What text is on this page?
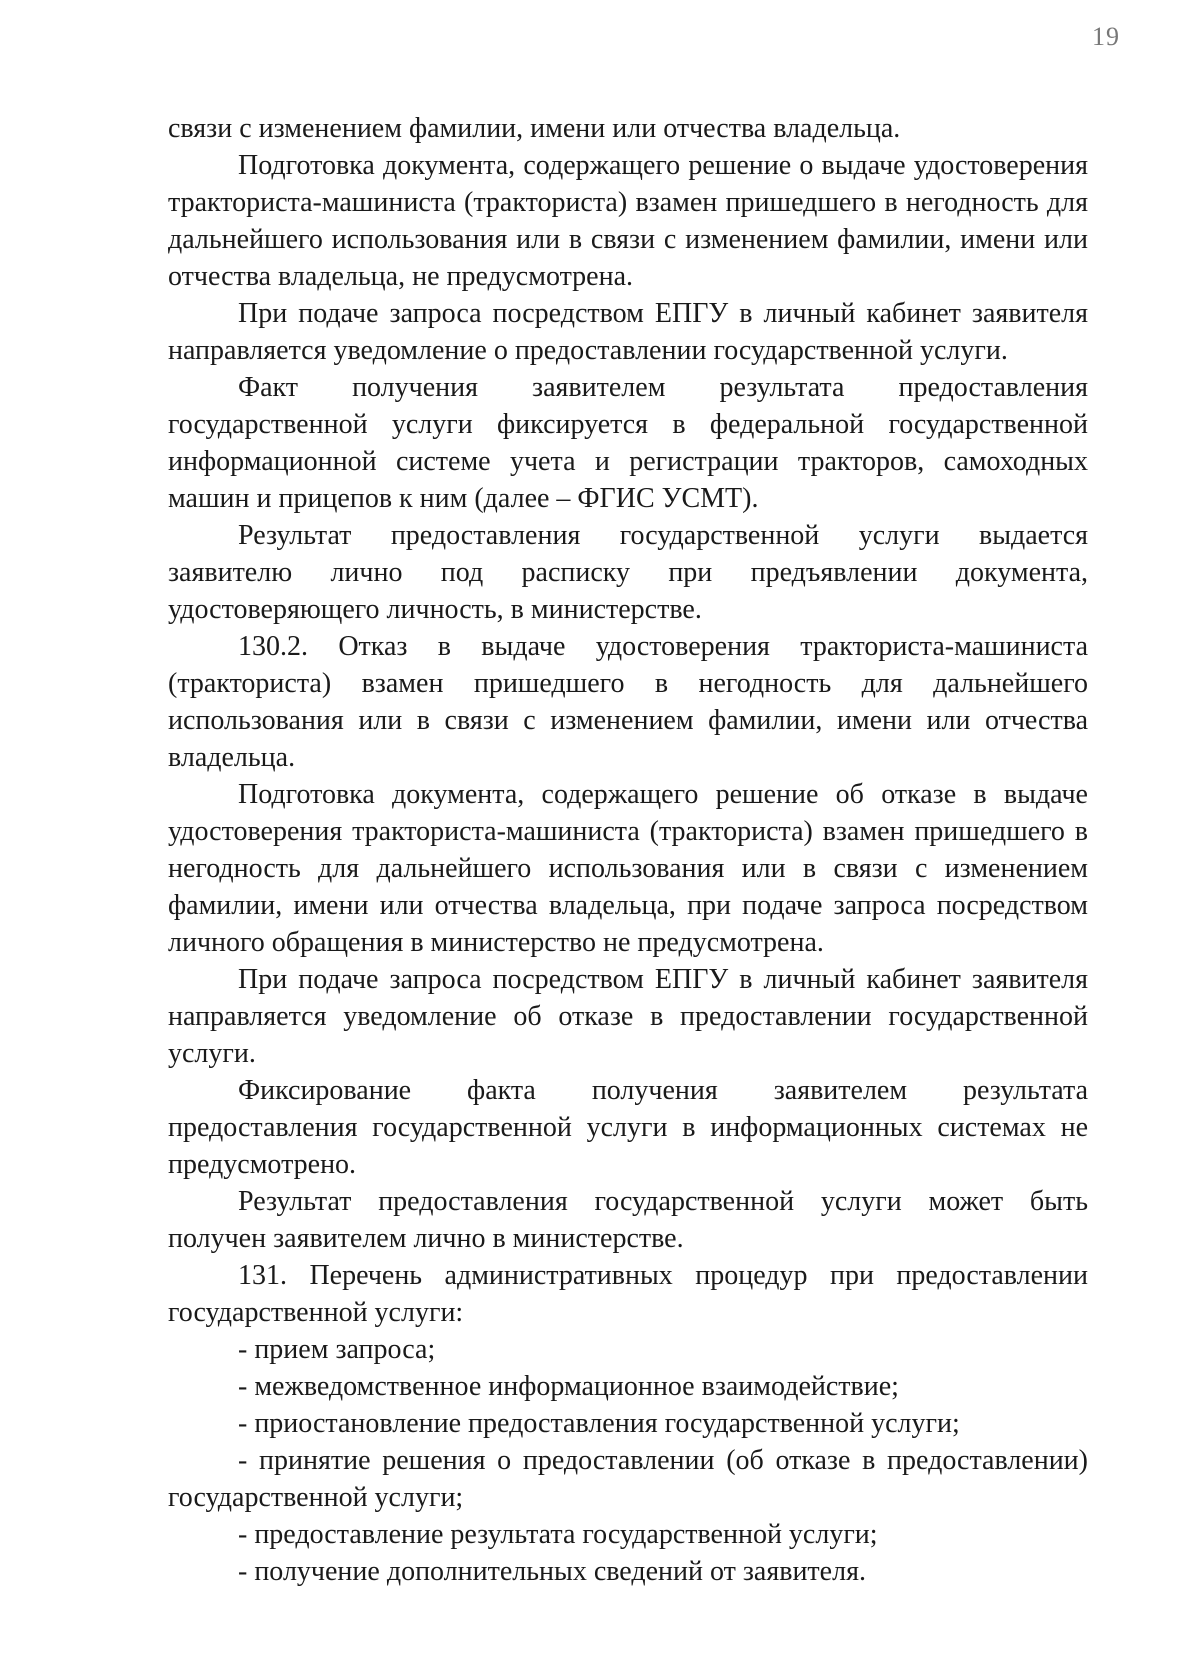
19

связи с изменением фамилии, имени или отчества владельца.

Подготовка документа, содержащего решение о выдаче удостоверения тракториста-машиниста (тракториста) взамен пришедшего в негодность для дальнейшего использования или в связи с изменением фамилии, имени или отчества владельца, не предусмотрена.

При подаче запроса посредством ЕПГУ в личный кабинет заявителя направляется уведомление о предоставлении государственной услуги.

Факт получения заявителем результата предоставления государственной услуги фиксируется в федеральной государственной информационной системе учета и регистрации тракторов, самоходных машин и прицепов к ним (далее – ФГИС УСМТ).

Результат предоставления государственной услуги выдается заявителю лично под расписку при предъявлении документа, удостоверяющего личность, в министерстве.

130.2. Отказ в выдаче удостоверения тракториста-машиниста (тракториста) взамен пришедшего в негодность для дальнейшего использования или в связи с изменением фамилии, имени или отчества владельца.

Подготовка документа, содержащего решение об отказе в выдаче удостоверения тракториста-машиниста (тракториста) взамен пришедшего в негодность для дальнейшего использования или в связи с изменением фамилии, имени или отчества владельца, при подаче запроса посредством личного обращения в министерство не предусмотрена.

При подаче запроса посредством ЕПГУ в личный кабинет заявителя направляется уведомление об отказе в предоставлении государственной услуги.

Фиксирование факта получения заявителем результата предоставления государственной услуги в информационных системах не предусмотрено.

Результат предоставления государственной услуги может быть получен заявителем лично в министерстве.

131. Перечень административных процедур при предоставлении государственной услуги:

- прием запроса;

- межведомственное информационное взаимодействие;

- приостановление предоставления государственной услуги;

- принятие решения о предоставлении (об отказе в предоставлении) государственной услуги;

- предоставление результата государственной услуги;

- получение дополнительных сведений от заявителя.
